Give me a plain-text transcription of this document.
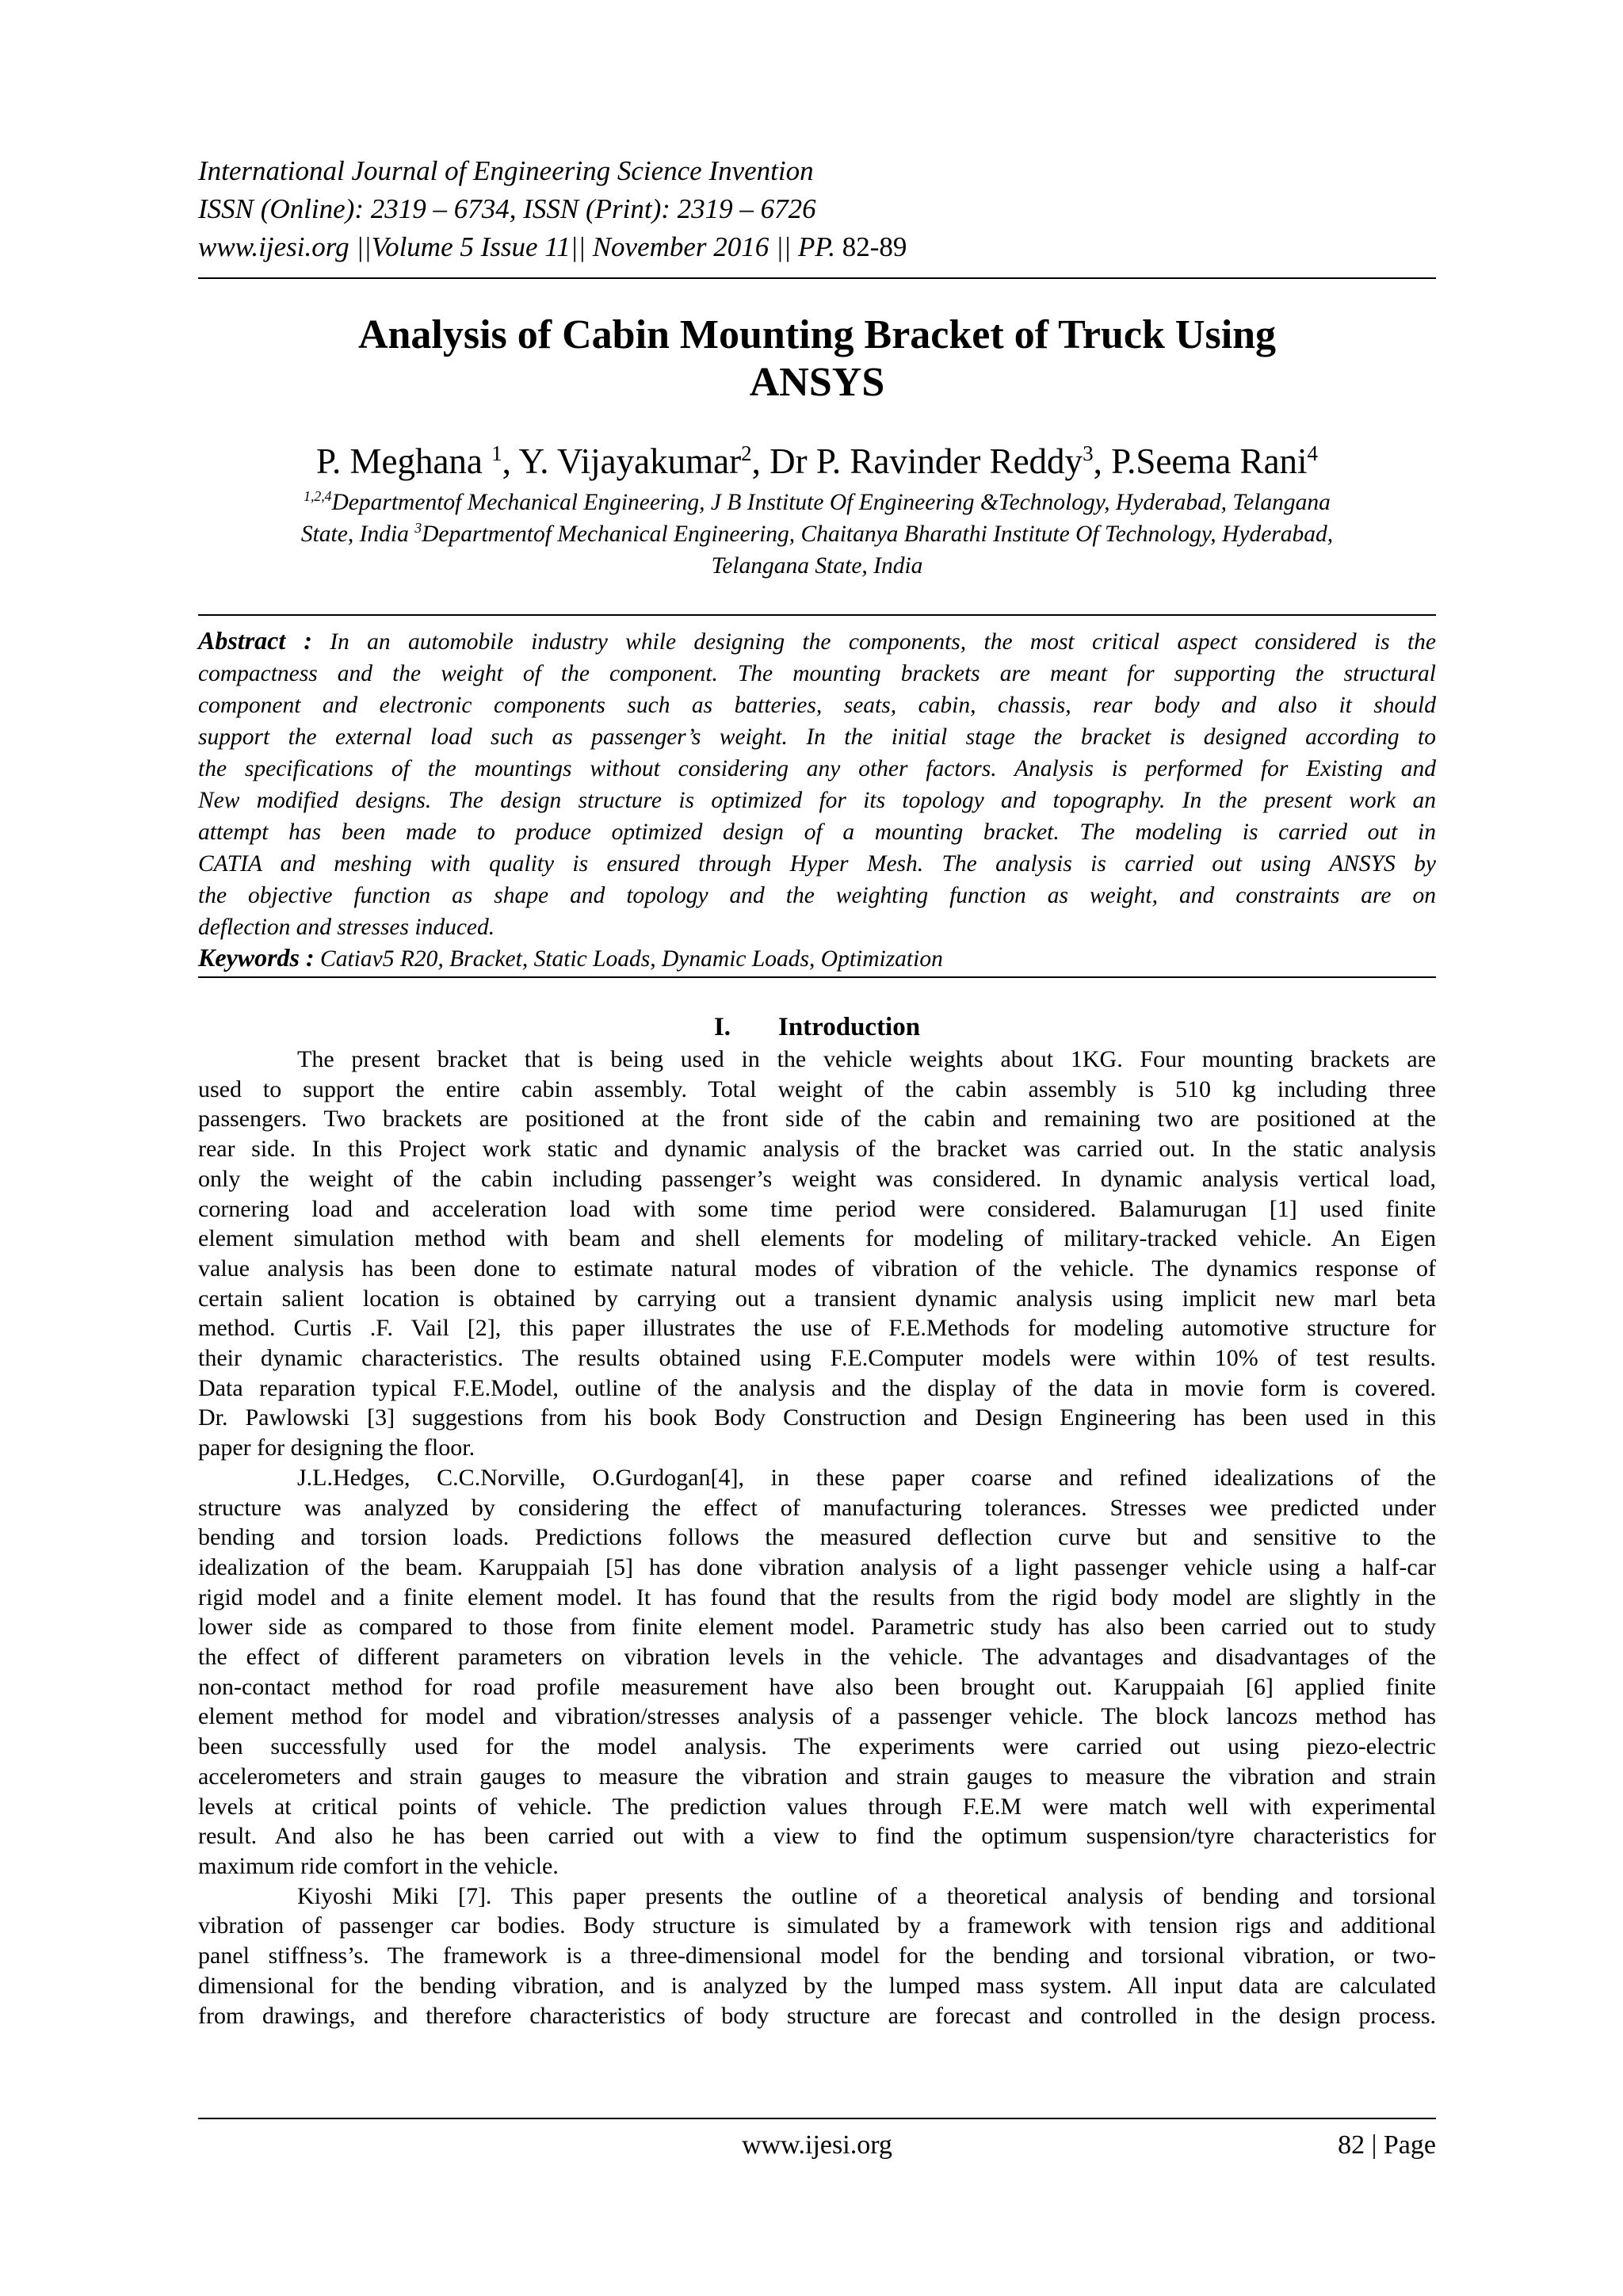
International Journal of Engineering Science Invention
ISSN (Online): 2319 – 6734, ISSN (Print): 2319 – 6726
www.ijesi.org ||Volume 5 Issue 11|| November 2016 || PP. 82-89
Analysis of Cabin Mounting Bracket of Truck Using
ANSYS
P. Meghana $^1$, Y. Vijayakumar$^2$, Dr P. Ravinder Reddy$^3$, P.Seema Rani$^4$
$^{1,2,4}$Departmentof Mechanical Engineering, J B Institute Of Engineering &Technology, Hyderabad, Telangana
State, India $^3$Departmentof Mechanical Engineering, Chaitanya Bharathi Institute Of Technology, Hyderabad,
Telangana State, India
Abstract : In an automobile industry while designing the components, the most critical aspect considered is the
compactness and the weight of the component. The mounting brackets are meant for supporting the structural
component and electronic components such as batteries, seats, cabin, chassis, rear body and also it should
support the external load such as passenger’s weight. In the initial stage the bracket is designed according to
the specifications of the mountings without considering any other factors. Analysis is performed for Existing and
New modified designs. The design structure is optimized for its topology and topography. In the present work an
attempt has been made to produce optimized design of a mounting bracket. The modeling is carried out in
CATIA and meshing with quality is ensured through Hyper Mesh. The analysis is carried out using ANSYS by
the objective function as shape and topology and the weighting function as weight, and constraints are on
deflection and stresses induced.
Keywords : Catiav5 R20, Bracket, Static Loads, Dynamic Loads, Optimization
I. Introduction
The present bracket that is being used in the vehicle weights about 1KG. Four mounting brackets are
used to support the entire cabin assembly. Total weight of the cabin assembly is 510 kg including three
passengers. Two brackets are positioned at the front side of the cabin and remaining two are positioned at the
rear side. In this Project work static and dynamic analysis of the bracket was carried out. In the static analysis
only the weight of the cabin including passenger’s weight was considered. In dynamic analysis vertical load,
cornering load and acceleration load with some time period were considered. Balamurugan [1] used finite
element simulation method with beam and shell elements for modeling of military-tracked vehicle. An Eigen
value analysis has been done to estimate natural modes of vibration of the vehicle. The dynamics response of
certain salient location is obtained by carrying out a transient dynamic analysis using implicit new marl beta
method. Curtis .F. Vail [2], this paper illustrates the use of F.E.Methods for modeling automotive structure for
their dynamic characteristics. The results obtained using F.E.Computer models were within 10% of test results.
Data reparation typical F.E.Model, outline of the analysis and the display of the data in movie form is covered.
Dr. Pawlowski [3] suggestions from his book Body Construction and Design Engineering has been used in this
paper for designing the floor.
J.L.Hedges, C.C.Norville, O.Gurdogan[4], in these paper coarse and refined idealizations of the
structure was analyzed by considering the effect of manufacturing tolerances. Stresses wee predicted under
bending and torsion loads. Predictions follows the measured deflection curve but and sensitive to the
idealization of the beam. Karuppaiah [5] has done vibration analysis of a light passenger vehicle using a half-car
rigid model and a finite element model. It has found that the results from the rigid body model are slightly in the
lower side as compared to those from finite element model. Parametric study has also been carried out to study
the effect of different parameters on vibration levels in the vehicle. The advantages and disadvantages of the
non-contact method for road profile measurement have also been brought out. Karuppaiah [6] applied finite
element method for model and vibration/stresses analysis of a passenger vehicle. The block lancozs method has
been successfully used for the model analysis. The experiments were carried out using piezo-electric
accelerometers and strain gauges to measure the vibration and strain gauges to measure the vibration and strain
levels at critical points of vehicle. The prediction values through F.E.M were match well with experimental
result. And also he has been carried out with a view to find the optimum suspension/tyre characteristics for
maximum ride comfort in the vehicle.
Kiyoshi Miki [7]. This paper presents the outline of a theoretical analysis of bending and torsional
vibration of passenger car bodies. Body structure is simulated by a framework with tension rigs and additional
panel stiffness’s. The framework is a three-dimensional model for the bending and torsional vibration, or two-
dimensional for the bending vibration, and is analyzed by the lumped mass system. All input data are calculated
from drawings, and therefore characteristics of body structure are forecast and controlled in the design process.
www.ijesi.org	82 | Page
